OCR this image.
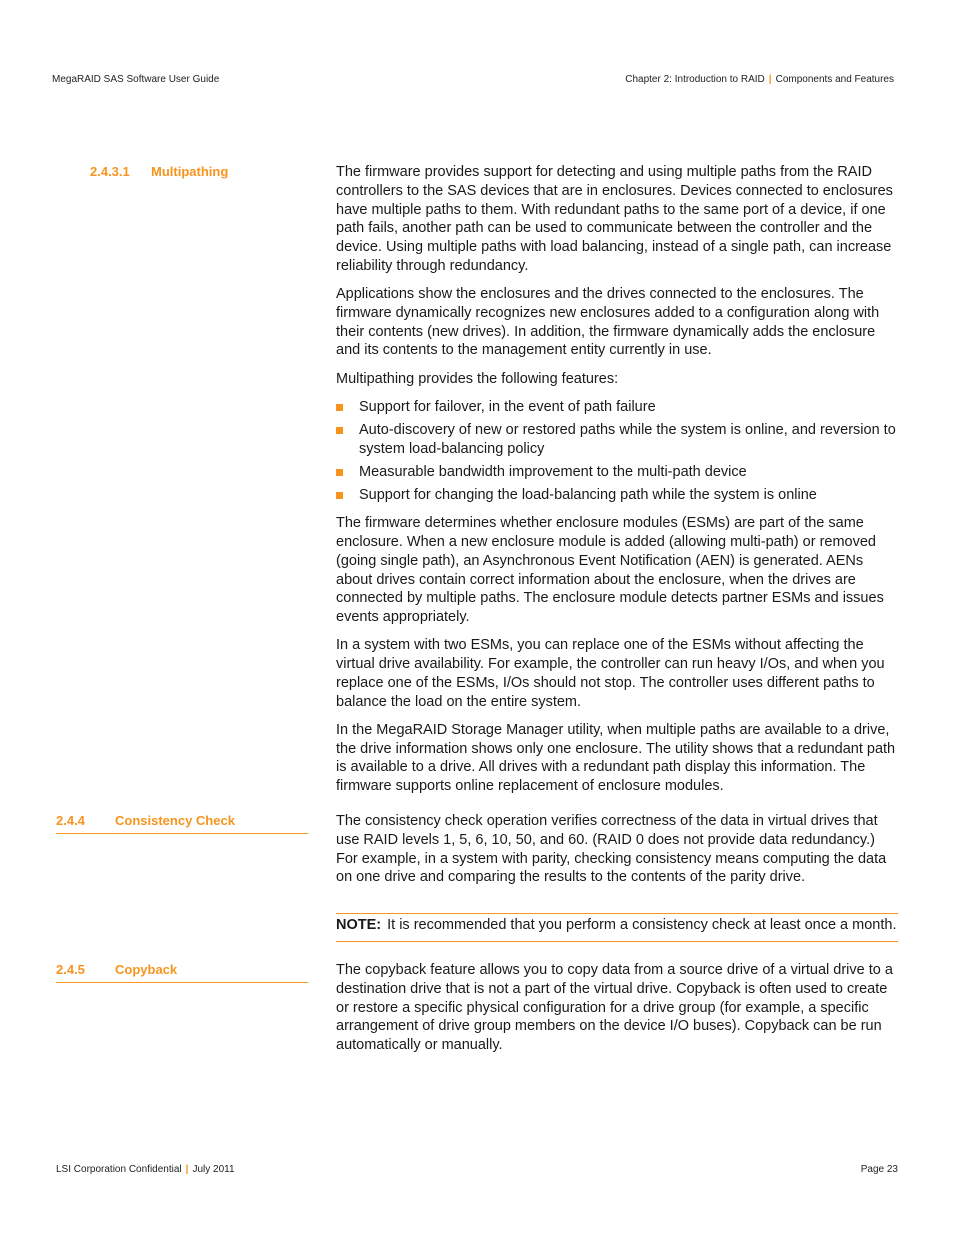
MegaRAID SAS Software User Guide	Chapter 2: Introduction to RAID | Components and Features
2.4.3.1 Multipathing	The firmware provides support for detecting and using multiple paths from the RAID controllers to the SAS devices that are in enclosures. Devices connected to enclosures have multiple paths to them. With redundant paths to the same port of a device, if one path fails, another path can be used to communicate between the controller and the device. Using multiple paths with load balancing, instead of a single path, can increase reliability through redundancy.

Applications show the enclosures and the drives connected to the enclosures. The firmware dynamically recognizes new enclosures added to a configuration along with their contents (new drives). In addition, the firmware dynamically adds the enclosure and its contents to the management entity currently in use.

Multipathing provides the following features:

Support for failover, in the event of path failure
Auto-discovery of new or restored paths while the system is online, and reversion to system load-balancing policy
Measurable bandwidth improvement to the multi-path device
Support for changing the load-balancing path while the system is online

The firmware determines whether enclosure modules (ESMs) are part of the same enclosure. When a new enclosure module is added (allowing multi-path) or removed (going single path), an Asynchronous Event Notification (AEN) is generated. AENs about drives contain correct information about the enclosure, when the drives are connected by multiple paths. The enclosure module detects partner ESMs and issues events appropriately.

In a system with two ESMs, you can replace one of the ESMs without affecting the virtual drive availability. For example, the controller can run heavy I/Os, and when you replace one of the ESMs, I/Os should not stop. The controller uses different paths to balance the load on the entire system.

In the MegaRAID Storage Manager utility, when multiple paths are available to a drive, the drive information shows only one enclosure. The utility shows that a redundant path is available to a drive. All drives with a redundant path display this information. The firmware supports online replacement of enclosure modules.

2.4.4 Consistency Check	The consistency check operation verifies correctness of the data in virtual drives that use RAID levels 1, 5, 6, 10, 50, and 60. (RAID 0 does not provide data redundancy.) For example, in a system with parity, checking consistency means computing the data on one drive and comparing the results to the contents of the parity drive.

NOTE: It is recommended that you perform a consistency check at least once a month.
2.4.5 Copyback	The copyback feature allows you to copy data from a source drive of a virtual drive to a destination drive that is not a part of the virtual drive. Copyback is often used to create or restore a specific physical configuration for a drive group (for example, a specific arrangement of drive group members on the device I/O buses). Copyback can be run automatically or manually.

LSI Corporation Confidential | July 2011	Page 23
